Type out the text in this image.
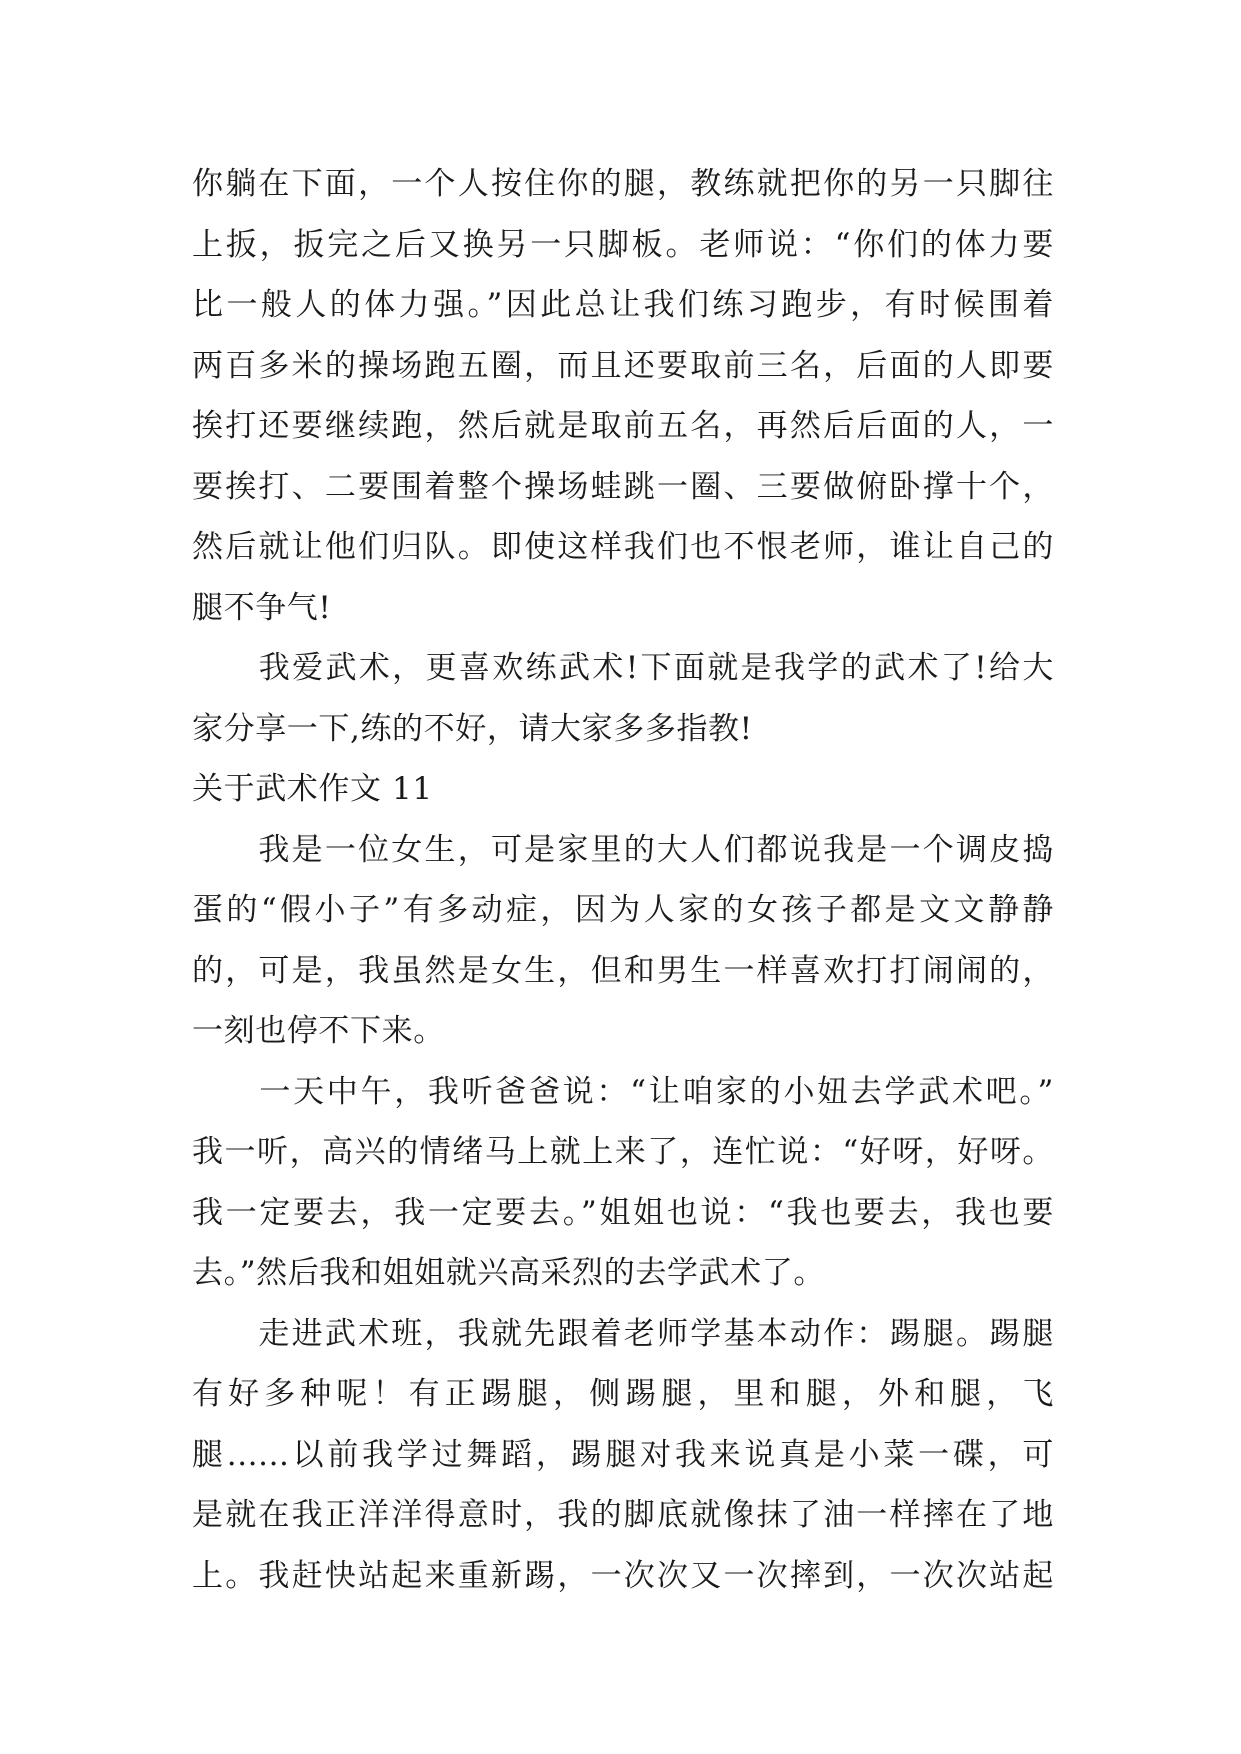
你躺在下面，一个人按住你的腿，教练就把你的另一只脚往
上扳，扳完之后又换另一只脚板。老师说：“你们的体力要
比一般人的体力强。”因此总让我们练习跑步，有时候围着
两百多米的操场跑五圈，而且还要取前三名，后面的人即要
挨打还要继续跑，然后就是取前五名，再然后后面的人，一
要挨打、二要围着整个操场蛙跳一圈、三要做俯卧撑十个，
然后就让他们归队。即使这样我们也不恨老师，谁让自己的
腿不争气!
　　我爱武术，更喜欢练武术!下面就是我学的武术了!给大
家分享一下,练的不好，请大家多多指教!
关于武术作文 11
　　我是一位女生，可是家里的大人们都说我是一个调皮捣
蛋的“假小子”有多动症，因为人家的女孩子都是文文静静
的，可是，我虽然是女生，但和男生一样喜欢打打闹闹的，
一刻也停不下来。
　　一天中午，我听爸爸说：“让咱家的小妞去学武术吧。”
我一听，高兴的情绪马上就上来了，连忙说：“好呀，好呀。
我一定要去，我一定要去。”姐姐也说：“我也要去，我也要
去。”然后我和姐姐就兴高采烈的去学武术了。
　　走进武术班，我就先跟着老师学基本动作：踢腿。踢腿
有好多种呢！有正踢腿，侧踢腿，里和腿，外和腿，飞
腿......以前我学过舞蹈，踢腿对我来说真是小菜一碟，可
是就在我正洋洋得意时，我的脚底就像抹了油一样摔在了地
上。我赶快站起来重新踢，一次次又一次摔到，一次次站起
